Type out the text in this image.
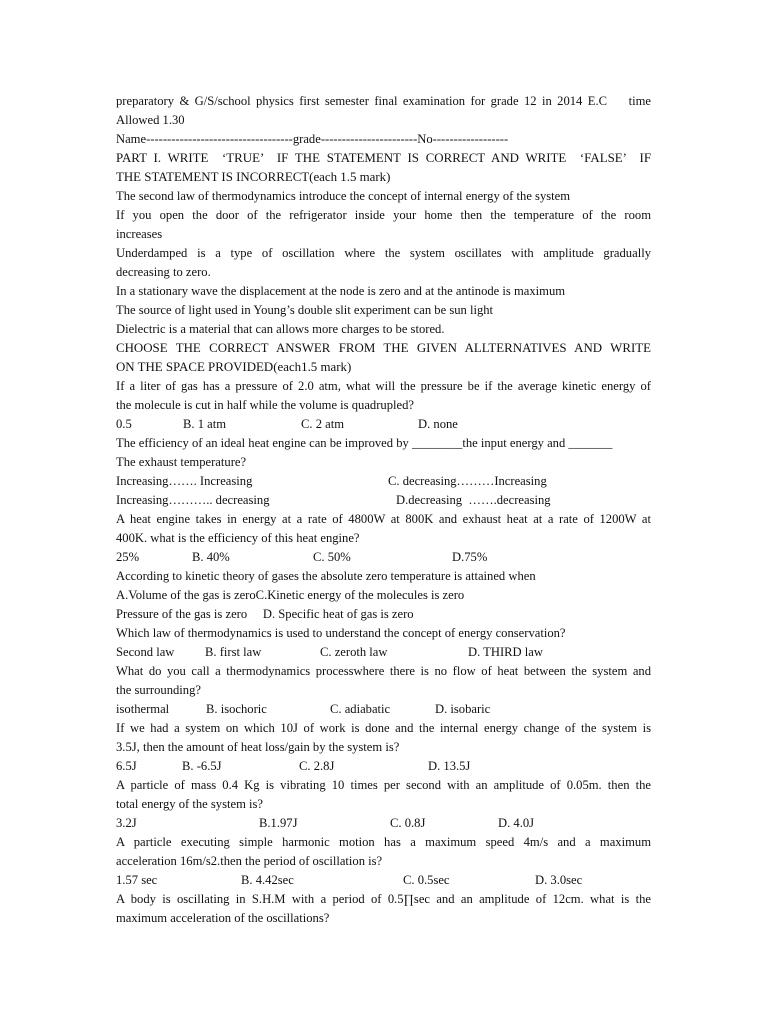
preparatory & G/S/school physics first semester final examination for grade 12 in 2014 E.C    time
Allowed 1.30
Name-----------------------------------grade-----------------------No------------------
PART I. WRITE  ‘TRUE’  IF THE STATEMENT IS CORRECT AND WRITE  ‘FALSE’  IF
THE STATEMENT IS INCORRECT(each 1.5 mark)
The second law of thermodynamics introduce the concept of internal energy of the system
If you open the door of the refrigerator inside your home then the temperature of the room
increases
Underdamped is a type of oscillation where the system oscillates with amplitude gradually
decreasing to zero.
In a stationary wave the displacement at the node is zero and at the antinode is maximum
The source of light used in Young’s double slit experiment can be sun light
Dielectric is a material that can allows more charges to be stored.
CHOOSE THE CORRECT ANSWER FROM THE GIVEN ALLTERNATIVES AND WRITE
ON THE SPACE PROVIDED(each1.5 mark)
If a liter of gas has a pressure of 2.0 atm, what will the pressure be if the average kinetic energy of
the molecule is cut in half while the volume is quadrupled?
0.5	B. 1 atm	C. 2 atm	D. none
The efficiency of an ideal heat engine can be improved by ________the input energy and _______
The exhaust temperature?
Increasing……. Increasing	C. decreasing………Increasing
Increasing……….. decreasing	D.decreasing  …….decreasing
A heat engine takes in energy at a rate of 4800W at 800K and exhaust heat at a rate of 1200W at
400K. what is the efficiency of this heat engine?
25%	B. 40%	C. 50%	D.75%
According to kinetic theory of gases the absolute zero temperature is attained when
A.Volume of the gas is zeroC.Kinetic energy of the molecules is zero
Pressure of the gas is zero     D. Specific heat of gas is zero
Which law of thermodynamics is used to understand the concept of energy conservation?
Second law B. first law	C. zeroth law	D. THIRD law
What do you call a thermodynamics processwhere there is no flow of heat between the system and
the surrounding?
isothermal	B. isochoric	C. adiabatic	D. isobaric
If we had a system on which 10J of work is done and the internal energy change of the system is
3.5J, then the amount of heat loss/gain by the system is?
6.5J	B. -6.5J	C. 2.8J	D. 13.5J
A particle of mass 0.4 Kg is vibrating 10 times per second with an amplitude of 0.05m. then the
total energy of the system is?
3.2J	B.1.97J	C. 0.8J	D. 4.0J
A particle executing simple harmonic motion has a maximum speed 4m/s and a maximum
acceleration 16m/s2.then the period of oscillation is?
1.57 sec	B. 4.42sec	C. 0.5sec	D. 3.0sec
A body is oscillating in S.H.M with a period of 0.5∏sec and an amplitude of 12cm. what is the
maximum acceleration of the oscillations?
